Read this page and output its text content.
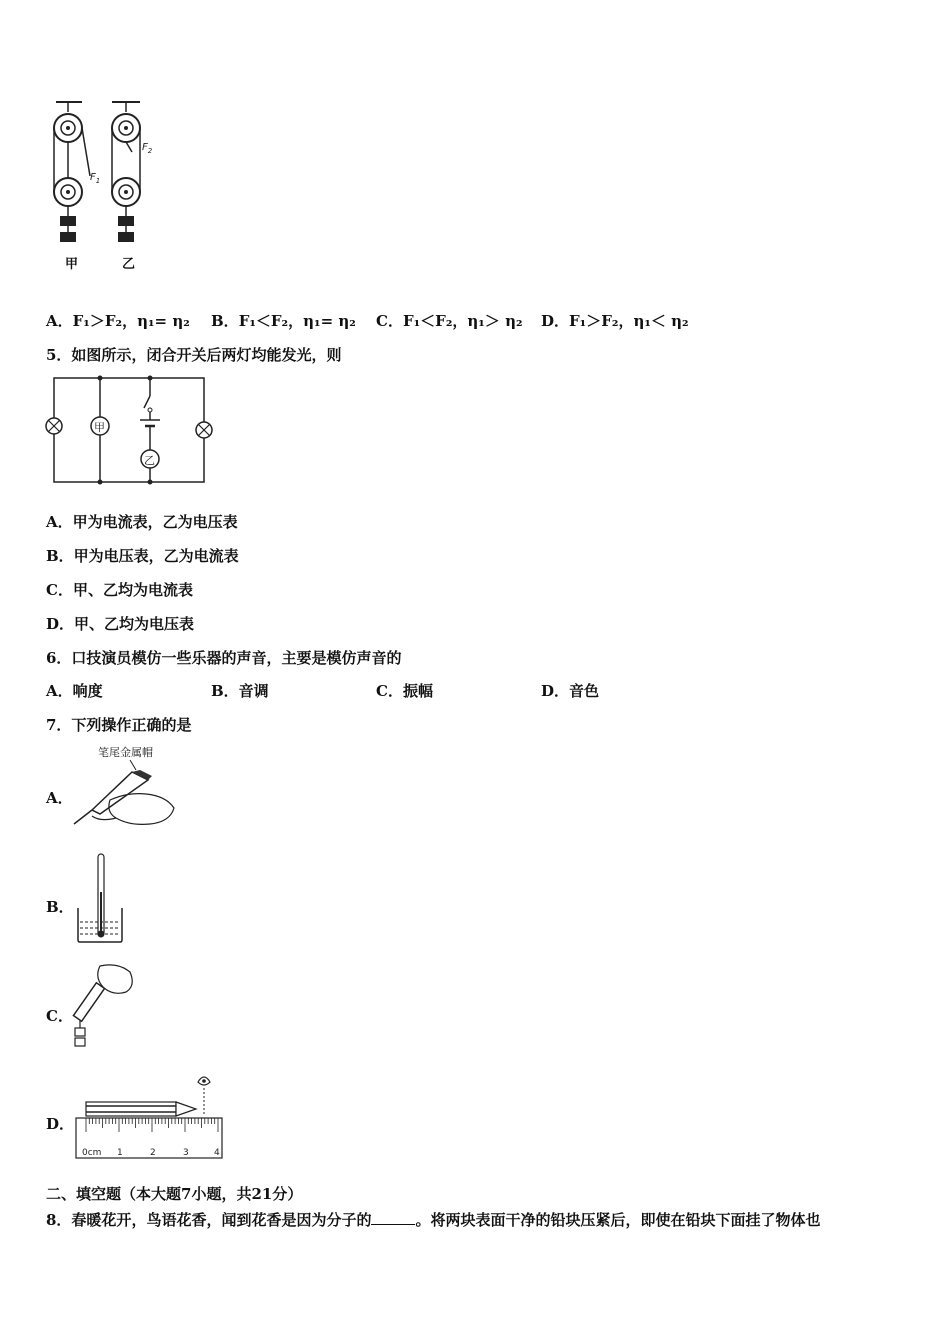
$F_1$
$F_2$
甲	乙
A．F₁＞F₂，η₁= η₂ B．F₁＜F₂，η₁= η₂ C．F₁＜F₂，η₁＞ η₂ D．F₁＞F₂，η₁＜ η₂
5．如图所示，闭合开关后两灯均能发光，则
乙
甲
A．甲为电流表，乙为电压表
B．甲为电压表，乙为电流表
C．甲、乙均为电流表
D．甲、乙均为电压表
6．口技演员模仿一些乐器的声音，主要是模仿声音的
A．响度	B．音调	C．振幅	D．音色
7．下列操作正确的是
A．
笔尾金属帽
B．
C．
D．
0cm 1	2	3	4
二、填空题（本大题7小题，共21分）
8．春暖花开，鸟语花香，闻到花香是因为分子的	。将两块表面干净的铅块压紧后，即使在铅块下面挂了物体也
